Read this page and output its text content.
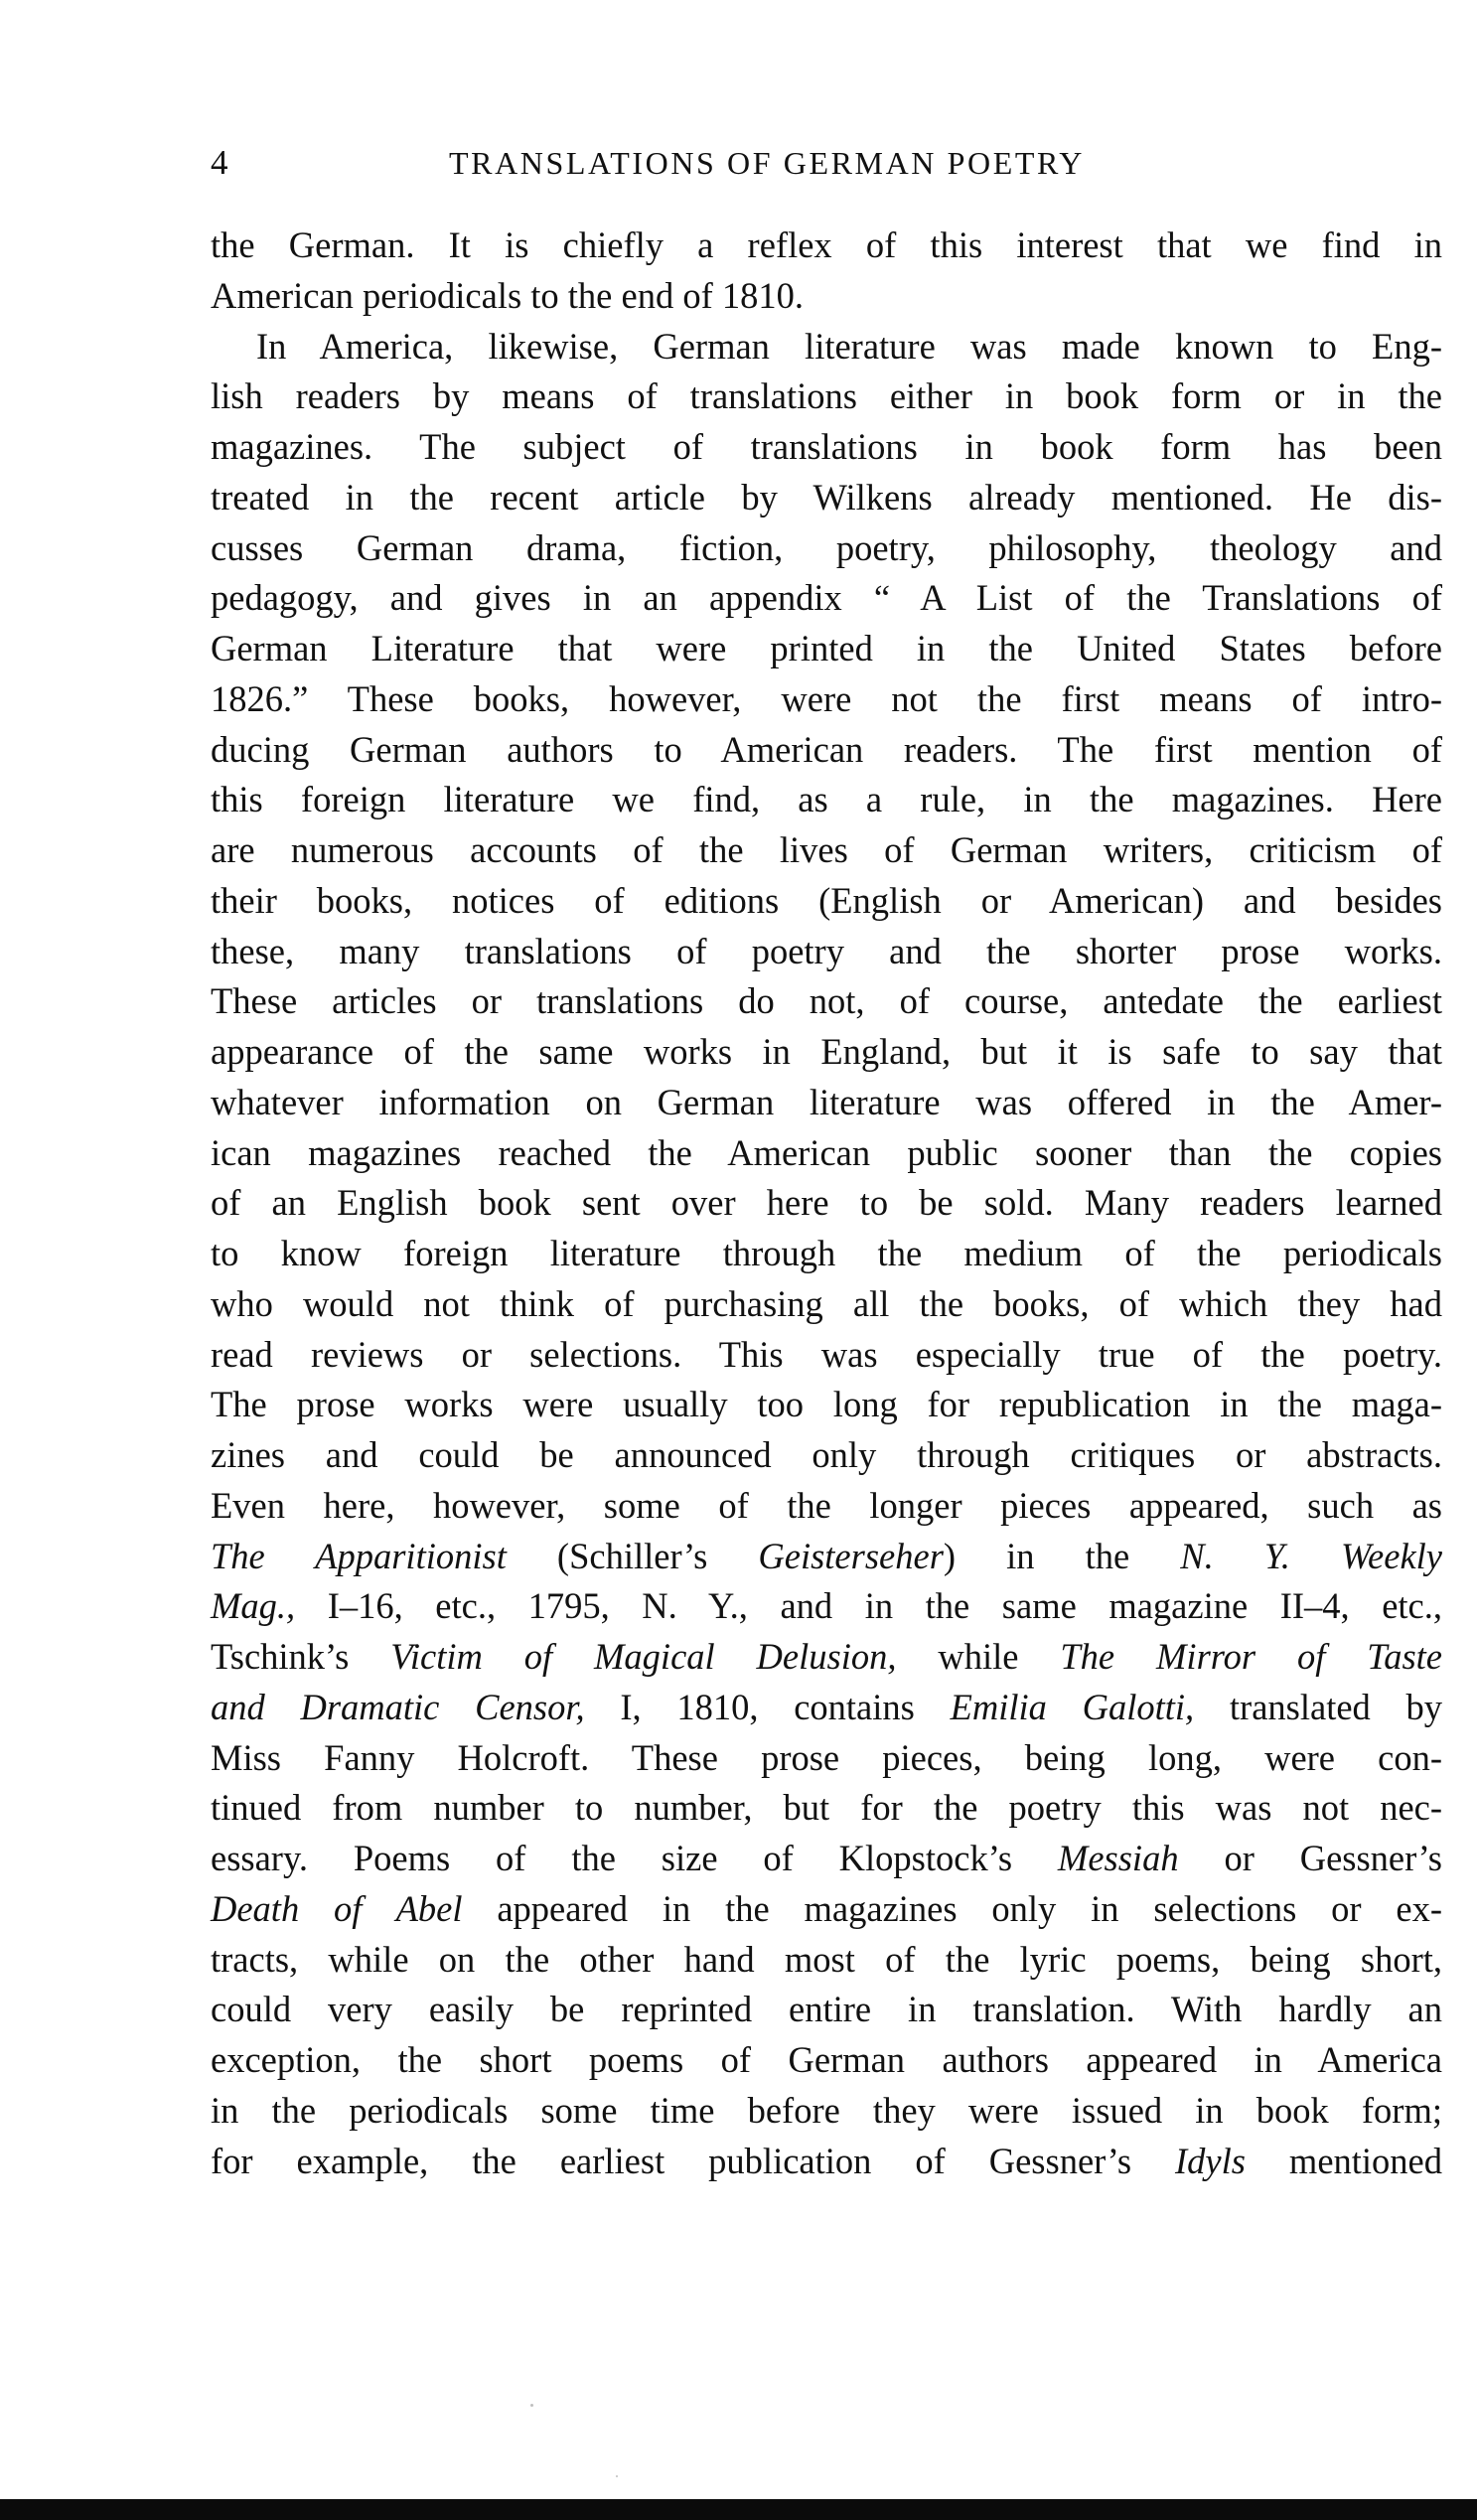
4	TRANSLATIONS OF GERMAN POETRY
the German. It is chiefly a reflex of this interest that we find in
American periodicals to the end of 1810.
In America, likewise, German literature was made known to Eng-
lish readers by means of translations either in book form or in the
magazines. The subject of translations in book form has been
treated in the recent article by Wilkens already mentioned. He dis-
cusses German drama, fiction, poetry, philosophy, theology and
pedagogy, and gives in an appendix “ A List of the Translations of
German Literature that were printed in the United States before
1826.” These books, however, were not the first means of intro-
ducing German authors to American readers. The first mention of
this foreign literature we find, as a rule, in the magazines. Here
are numerous accounts of the lives of German writers, criticism of
their books, notices of editions (English or American) and besides
these, many translations of poetry and the shorter prose works.
These articles or translations do not, of course, antedate the earliest
appearance of the same works in England, but it is safe to say that
whatever information on German literature was offered in the Amer-
ican magazines reached the American public sooner than the copies
of an English book sent over here to be sold. Many readers learned
to know foreign literature through the medium of the periodicals
who would not think of purchasing all the books, of which they had
read reviews or selections. This was especially true of the poetry.
The prose works were usually too long for republication in the maga-
zines and could be announced only through critiques or abstracts.
Even here, however, some of the longer pieces appeared, such as
The Apparitionist (Schiller’s Geisterseher) in the N. Y. Weekly
Mag., I–16, etc., 1795, N. Y., and in the same magazine II–4, etc.,
Tschink’s Victim of Magical Delusion, while The Mirror of Taste
and Dramatic Censor, I, 1810, contains Emilia Galotti, translated by
Miss Fanny Holcroft. These prose pieces, being long, were con-
tinued from number to number, but for the poetry this was not nec-
essary. Poems of the size of Klopstock’s Messiah or Gessner’s
Death of Abel appeared in the magazines only in selections or ex-
tracts, while on the other hand most of the lyric poems, being short,
could very easily be reprinted entire in translation. With hardly an
exception, the short poems of German authors appeared in America
in the periodicals some time before they were issued in book form;
for example, the earliest publication of Gessner’s Idyls mentioned
